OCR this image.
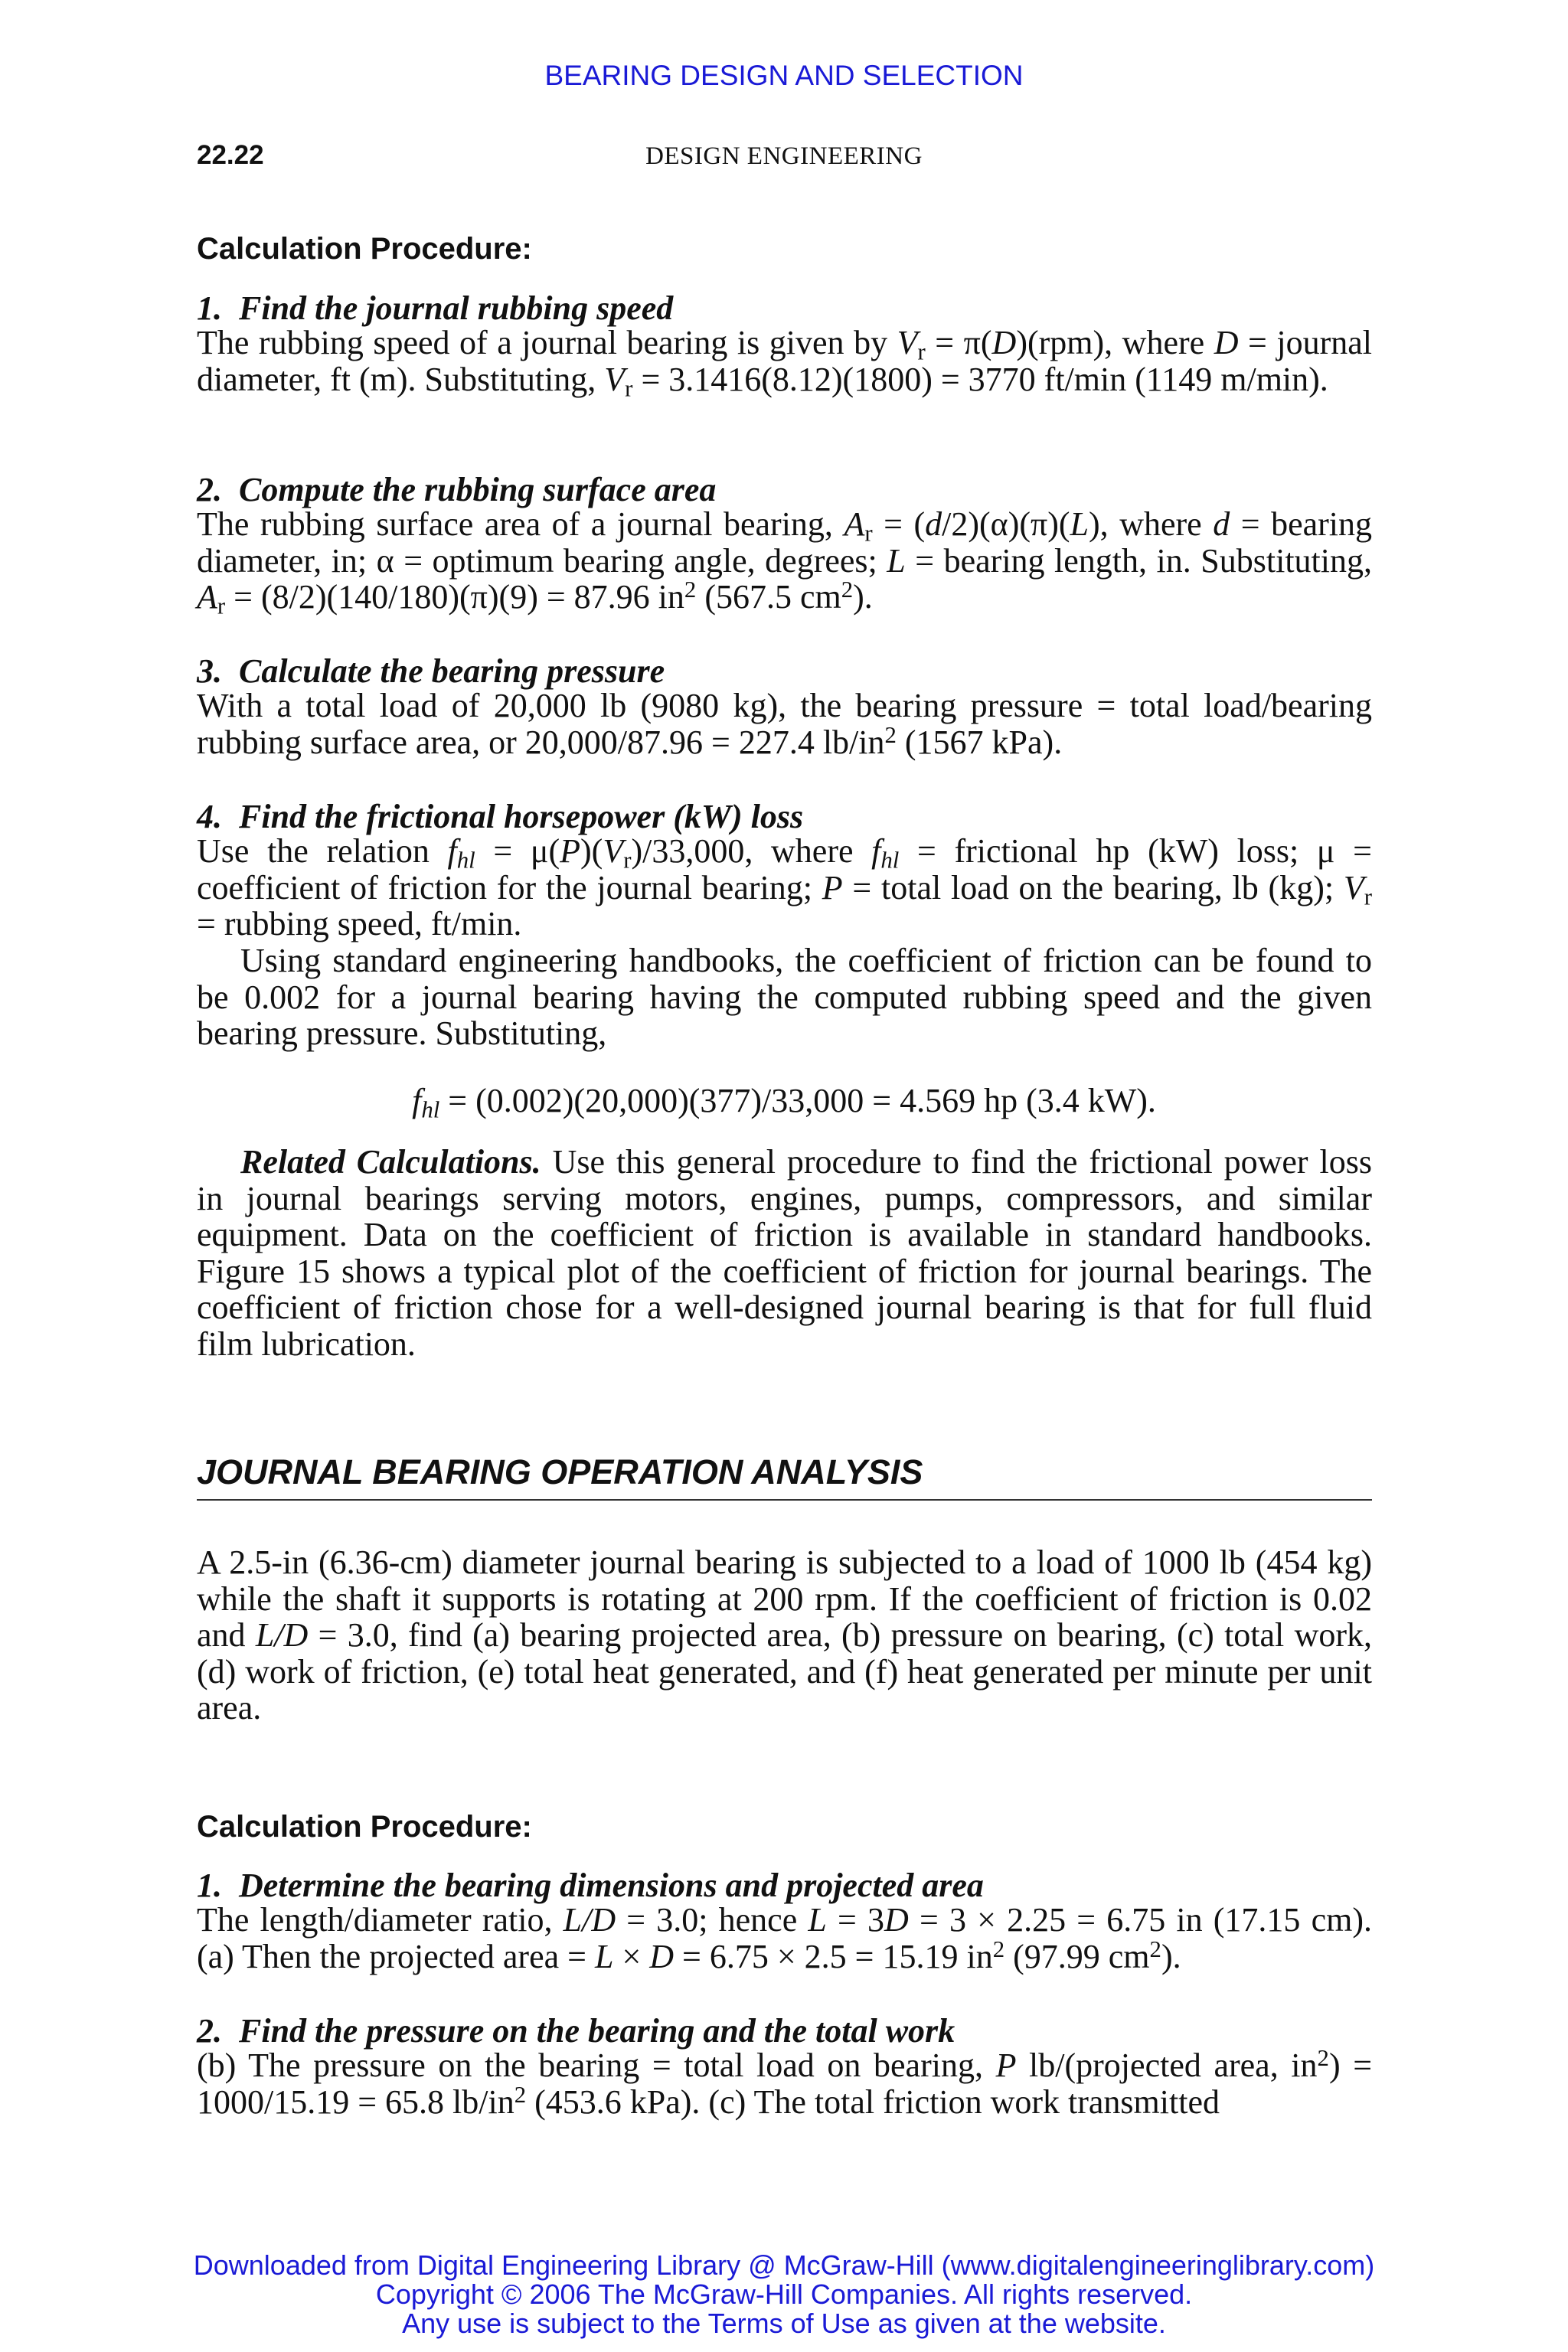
BEARING DESIGN AND SELECTION
22.22	DESIGN ENGINEERING
Calculation Procedure:
1. Find the journal rubbing speed
The rubbing speed of a journal bearing is given by $V_r = \pi(D)(rpm)$, where D = journal diameter, ft (m). Substituting, $V_r = 3.1416(8.12)(1800) = 3770$ ft/min (1149 m/min).
2. Compute the rubbing surface area
The rubbing surface area of a journal bearing, $A_r = (d/2)(\alpha)(\pi)(L)$, where d = bearing diameter, in; α = optimum bearing angle, degrees; L = bearing length, in. Substituting, $A_r = (8/2)(140/180)(\pi)(9) = 87.96$ $in^2$ (567.5 $cm^2$).
3. Calculate the bearing pressure
With a total load of 20,000 lb (9080 kg), the bearing pressure = total load/bearing rubbing surface area, or 20,000/87.96 = 227.4 $lb/in^2$ (1567 kPa).
4. Find the frictional horsepower (kW) loss
Use the relation $f_{hl} = \mu(P)(V_r)/33,000$, where $f_{hl}$ = frictional hp (kW) loss; μ = coefficient of friction for the journal bearing; P = total load on the bearing, lb (kg); $V_r$ = rubbing speed, ft/min.
Using standard engineering handbooks, the coefficient of friction can be found to be 0.002 for a journal bearing having the computed rubbing speed and the given bearing pressure. Substituting,
$f_{hl} = (0.002)(20,000)(377)/33,000 = 4.569$ hp (3.4 kW).
Related Calculations. Use this general procedure to find the frictional power loss in journal bearings serving motors, engines, pumps, compressors, and similar equipment. Data on the coefficient of friction is available in standard handbooks. Figure 15 shows a typical plot of the coefficient of friction for journal bearings. The coefficient of friction chose for a well-designed journal bearing is that for full fluid film lubrication.
JOURNAL BEARING OPERATION ANALYSIS
A 2.5-in (6.36-cm) diameter journal bearing is subjected to a load of 1000 lb (454 kg) while the shaft it supports is rotating at 200 rpm. If the coefficient of friction is 0.02 and L/D = 3.0, find (a) bearing projected area, (b) pressure on bearing, (c) total work, (d) work of friction, (e) total heat generated, and (f) heat generated per minute per unit area.
Calculation Procedure:
1. Determine the bearing dimensions and projected area
The length/diameter ratio, L/D = 3.0; hence L = 3D = 3 × 2.25 = 6.75 in (17.15 cm). (a) Then the projected area = L × D = 6.75 × 2.5 = 15.19 $in^2$ (97.99 $cm^2$).
2. Find the pressure on the bearing and the total work
(b) The pressure on the bearing = total load on bearing, P lb/(projected area, $in^2) = 1000/15.19 = 65.8$ $lb/in^2$ (453.6 kPa). (c) The total friction work transmitted
Downloaded from Digital Engineering Library @ McGraw-Hill (www.digitalengineeringlibrary.com)
Copyright © 2006 The McGraw-Hill Companies. All rights reserved.
Any use is subject to the Terms of Use as given at the website.
